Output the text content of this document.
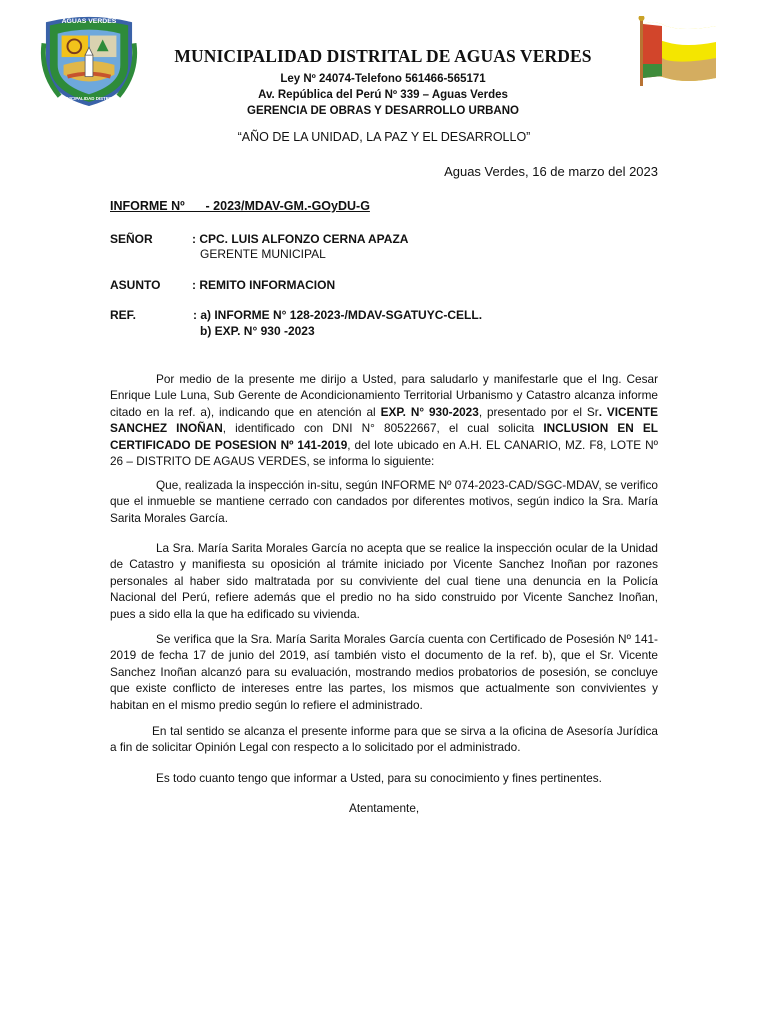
AGUAS VERDES
MUNICIPALIDAD DISTRITAL
MUNICIPALIDAD DISTRITAL DE AGUAS VERDES
Ley Nº 24074-Telefono 561466-565171
Av. República del Perú Nº 339 – Aguas Verdes
GERENCIA DE OBRAS Y DESARROLLO URBANO
“AÑO DE LA UNIDAD, LA PAZ Y EL DESARROLLO”
Aguas Verdes, 16 de marzo del 2023
INFORME Nº      - 2023/MDAV-GM.-GOyDU-G
SEÑOR	: CPC. LUIS ALFONZO CERNA APAZA
GERENTE MUNICIPAL
ASUNTO	: REMITO INFORMACION
REF.	: a) INFORME N° 128-2023-/MDAV-SGATUYC-CELL.
b) EXP. N° 930 -2023

Por medio de la presente me dirijo a Usted, para saludarlo y manifestarle que el Ing. Cesar Enrique Lule Luna, Sub Gerente de Acondicionamiento Territorial Urbanismo y Catastro alcanza informe citado en la ref. a), indicando que en atención al EXP. N° 930-2023, presentado por el Sr. VICENTE SANCHEZ INOÑAN, identificado con DNI N° 80522667, el cual solicita INCLUSION EN EL CERTIFICADO DE POSESION Nº 141-2019, del lote ubicado en A.H. EL CANARIO, MZ. F8, LOTE Nº 26 – DISTRITO DE AGAUS VERDES, se informa lo siguiente:

Que, realizada la inspección in-situ, según INFORME Nº 074-2023-CAD/SGC-MDAV, se verifico que el inmueble se mantiene cerrado con candados por diferentes motivos, según indico la Sra. María Sarita Morales García.

La Sra. María Sarita Morales García no acepta que se realice la inspección ocular de la Unidad de Catastro y manifiesta su oposición al trámite iniciado por Vicente Sanchez Inoñan por razones personales al haber sido maltratada por su conviviente del cual tiene una denuncia en la Policía Nacional del Perú, refiere además que el predio no ha sido construido por Vicente Sanchez Inoñan, pues a sido ella la que ha edificado su vivienda.

Se verifica que la Sra. María Sarita Morales García cuenta con Certificado de Posesión Nº 141-2019 de fecha 17 de junio del 2019, así también visto el documento de la ref. b), que el Sr. Vicente Sanchez Inoñan alcanzó para su evaluación, mostrando medios probatorios de posesión, se concluye que existe conflicto de intereses entre las partes, los mismos que actualmente son convivientes y habitan en el mismo predio según lo refiere el administrado.

En tal sentido se alcanza el presente informe para que se sirva a la oficina de Asesoría Jurídica a fin de solicitar Opinión Legal con respecto a lo solicitado por el administrado.

Es todo cuanto tengo que informar a Usted, para su conocimiento y fines pertinentes.

Atentamente,
